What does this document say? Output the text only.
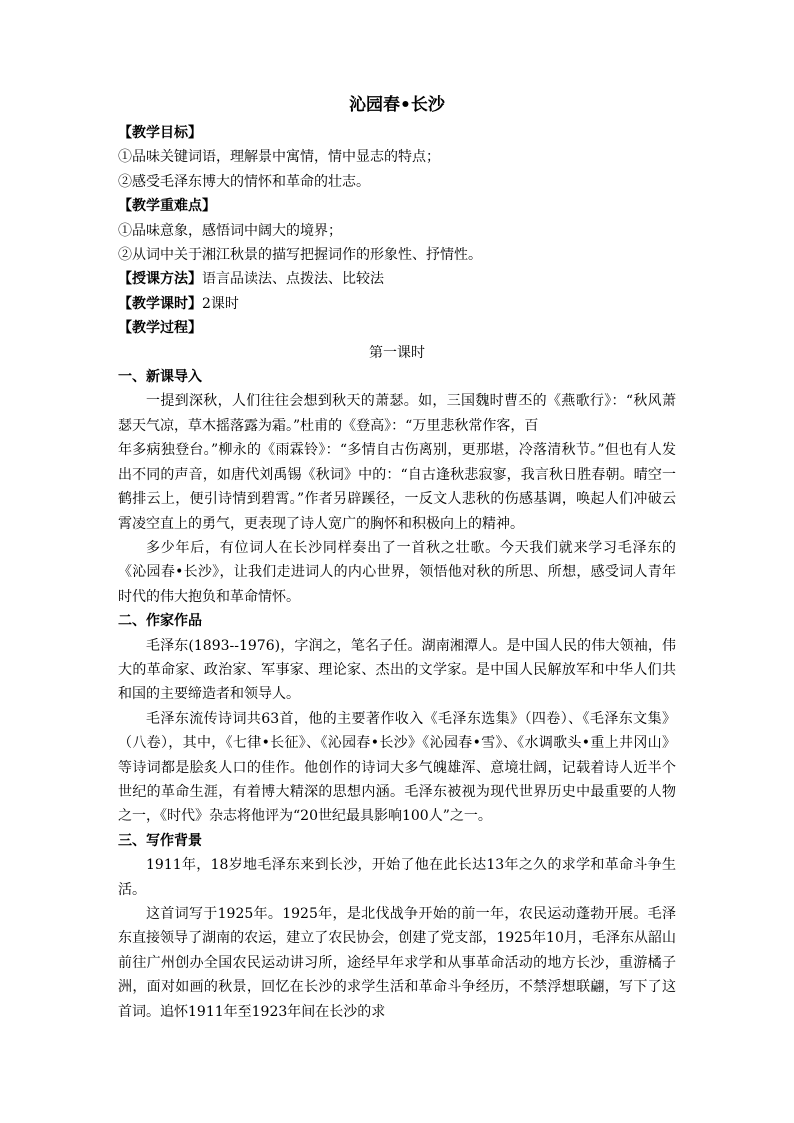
沁园春•长沙
【教学目标】
①品味关键词语，理解景中寓情，情中显志的特点；
②感受毛泽东博大的情怀和革命的壮志。
【教学重难点】
①品味意象，感悟词中阔大的境界；
②从词中关于湘江秋景的描写把握词作的形象性、抒情性。
【授课方法】语言品读法、点拨法、比较法
【教学课时】2课时
【教学过程】
第一课时
一、新课导入

一提到深秋，人们往往会想到秋天的萧瑟。如，三国魏时曹丕的《燕歌行》：“秋风萧瑟天气凉，草木摇落露为霜。”杜甫的《登高》：“万里悲秋常作客，百

年多病独登台。”柳永的《雨霖铃》：“多情自古伤离别，更那堪，冷落清秋节。”但也有人发出不同的声音，如唐代刘禹锡《秋词》中的：“自古逢秋悲寂寥，我言秋日胜春朝。晴空一鹤排云上，便引诗情到碧霄。”作者另辟蹊径，一反文人悲秋的伤感基调，唤起人们冲破云霄凌空直上的勇气，更表现了诗人宽广的胸怀和积极向上的精神。

多少年后，有位词人在长沙同样奏出了一首秋之壮歌。今天我们就来学习毛泽东的《沁园春•长沙》，让我们走进词人的内心世界，领悟他对秋的所思、所想，感受词人青年时代的伟大抱负和革命情怀。

二、作家作品

毛泽东(1893--1976)，字润之，笔名子任。湖南湘潭人。是中国人民的伟大领袖，伟大的革命家、政治家、军事家、理论家、杰出的文学家。是中国人民解放军和中华人们共和国的主要缔造者和领导人。

毛泽东流传诗词共63首，他的主要著作收入《毛泽东选集》（四卷）、《毛泽东文集》（八卷），其中，《七律•长征》、《沁园春•长沙》《沁园春•雪》、《水调歌头•重上井冈山》等诗词都是脍炙人口的佳作。他创作的诗词大多气魄雄浑、意境壮阔，记载着诗人近半个世纪的革命生涯，有着博大精深的思想内涵。毛泽东被视为现代世界历史中最重要的人物之一，《时代》杂志将他评为“20世纪最具影响100人”之一。

三、写作背景

1911年，18岁地毛泽东来到长沙，开始了他在此长达13年之久的求学和革命斗争生活。

这首词写于1925年。1925年，是北伐战争开始的前一年，农民运动蓬勃开展。毛泽东直接领导了湖南的农运，建立了农民协会，创建了党支部，1925年10月，毛泽东从韶山前往广州创办全国农民运动讲习所，途经早年求学和从事革命活动的地方长沙，重游橘子洲，面对如画的秋景，回忆在长沙的求学生活和革命斗争经历，不禁浮想联翩，写下了这首词。追怀1911年至1923年间在长沙的求
